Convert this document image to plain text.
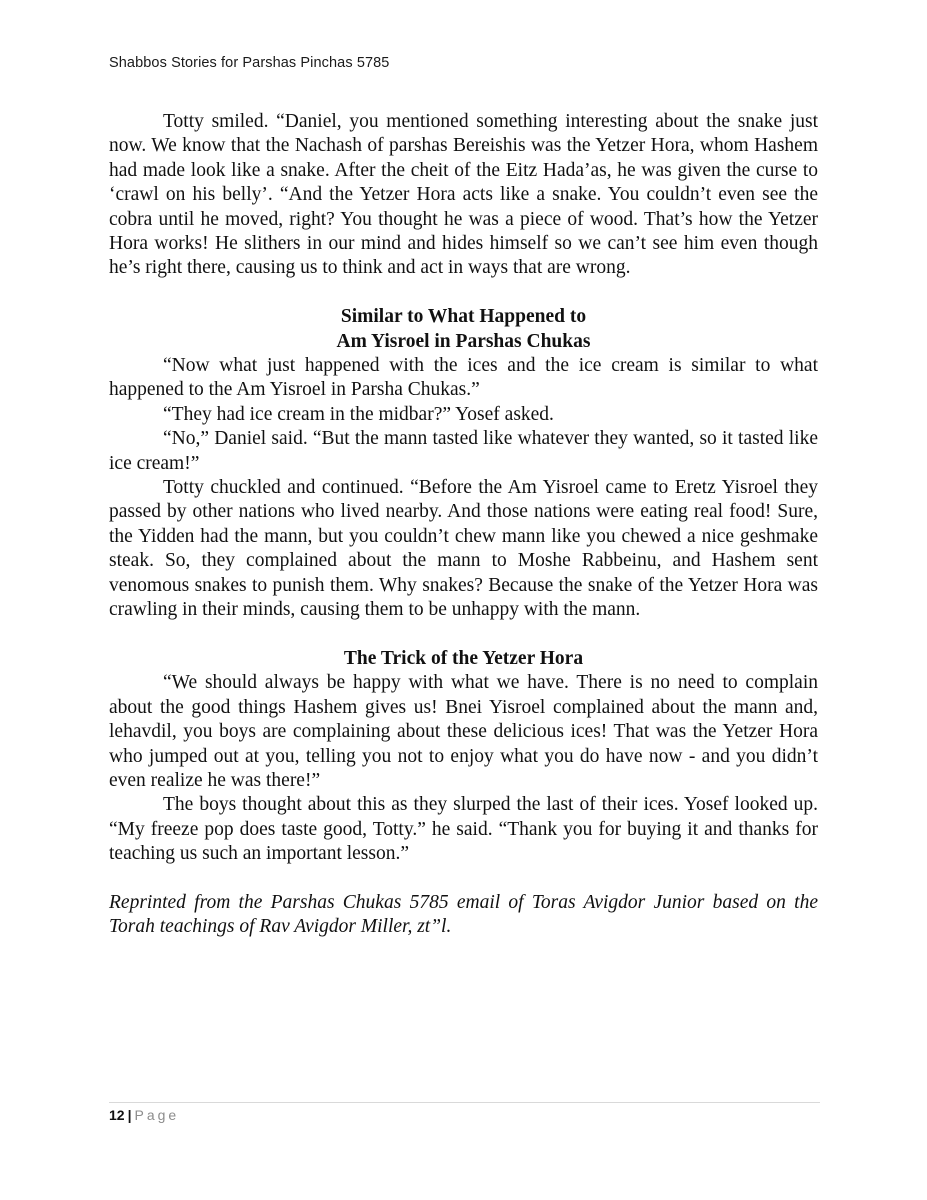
Shabbos Stories for Parshas Pinchas 5785

Totty smiled. “Daniel, you mentioned something interesting about the snake just now. We know that the Nachash of parshas Bereishis was the Yetzer Hora, whom Hashem had made look like a snake. After the cheit of the Eitz Hada’as, he was given the curse to ‘crawl on his belly’. “And the Yetzer Hora acts like a snake. You couldn’t even see the cobra until he moved, right? You thought he was a piece of wood. That’s how the Yetzer Hora works! He slithers in our mind and hides himself so we can’t see him even though he’s right there, causing us to think and act in ways that are wrong.

Similar to What Happened to

Am Yisroel in Parshas Chukas

“Now what just happened with the ices and the ice cream is similar to what happened to the Am Yisroel in Parsha Chukas.”

“They had ice cream in the midbar?” Yosef asked.

“No,” Daniel said. “But the mann tasted like whatever they wanted, so it tasted like ice cream!”

Totty chuckled and continued. “Before the Am Yisroel came to Eretz Yisroel they passed by other nations who lived nearby. And those nations were eating real food! Sure, the Yidden had the mann, but you couldn’t chew mann like you chewed a nice geshmake steak. So, they complained about the mann to Moshe Rabbeinu, and Hashem sent venomous snakes to punish them. Why snakes? Because the snake of the Yetzer Hora was crawling in their minds, causing them to be unhappy with the mann.

The Trick of the Yetzer Hora

“We should always be happy with what we have. There is no need to complain about the good things Hashem gives us! Bnei Yisroel complained about the mann and, lehavdil, you boys are complaining about these delicious ices! That was the Yetzer Hora who jumped out at you, telling you not to enjoy what you do have now - and you didn’t even realize he was there!”

The boys thought about this as they slurped the last of their ices. Yosef looked up. “My freeze pop does taste good, Totty.” he said. “Thank you for buying it and thanks for teaching us such an important lesson.”

Reprinted from the Parshas Chukas 5785 email of Toras Avigdor Junior based on the Torah teachings of Rav Avigdor Miller, zt”l.

12 | Page
